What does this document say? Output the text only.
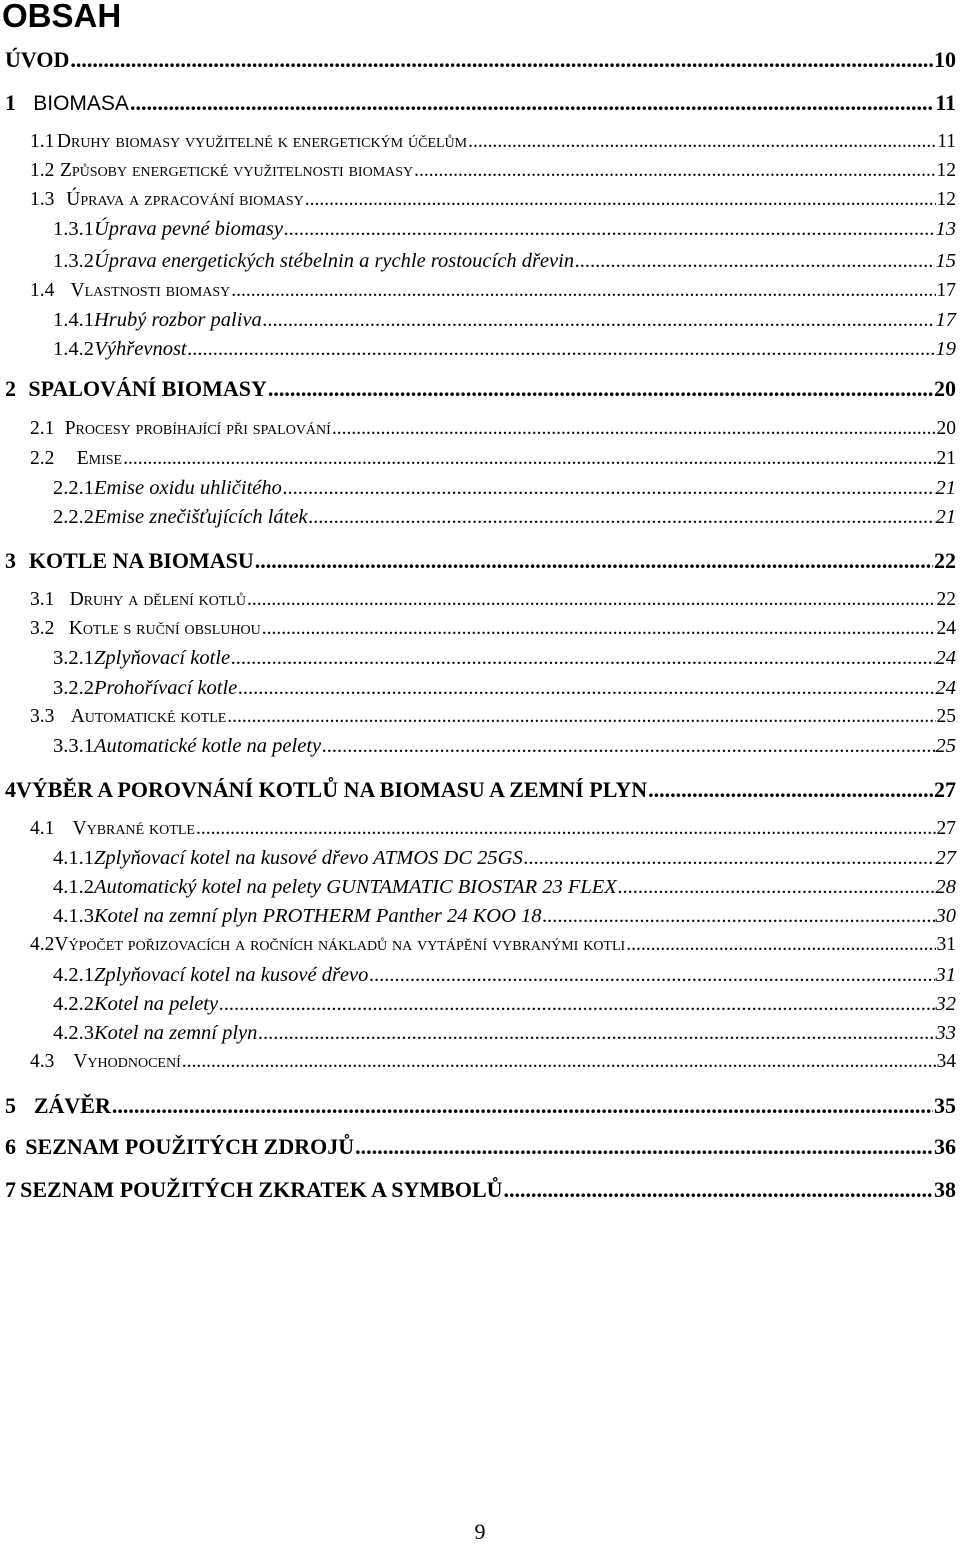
OBSAH
ÚVOD .....	10
1 BIOMASA .....	11
1.1 Druhy biomasy využitelné k energetickým účelům .....	11
1.2 Způsoby energetické využitelnosti biomasy .....	12
1.3 Úprava a zpracování biomasy .....	12
1.3.1 Úprava pevné biomasy .....	13
1.3.2 Úprava energetických stébelnin a rychle rostoucích dřevin .....	15
1.4 Vlastnosti biomasy .....	17
1.4.1 Hrubý rozbor paliva .....	17
1.4.2 Výhřevnost .....	19
2 SPALOVÁNÍ BIOMASY .....	20
2.1 Procesy probíhající při spalování .....	20
2.2	Emise .....	21
2.2.1 Emise oxidu uhličitého .....	21
2.2.2 Emise znečišťujících látek .....	21
3 KOTLE NA BIOMASU .....	22
3.1 Druhy a dělení kotlů .....	22
3.2 Kotle s ruční obsluhou .....	24
3.2.1 Zplyňovací kotle .....	24
3.2.2 Prohořívací kotle .....	24
3.3 Automatické kotle .....	25
3.3.1 Automatické kotle na pelety .....	25
4 VÝBĚR A POROVNÁNÍ KOTLŮ NA BIOMASU A ZEMNÍ PLYN .....	27
4.1 Vybrané kotle .....	27
4.1.1 Zplyňovací kotel na kusové dřevo ATMOS DC 25GS .....	27
4.1.2 Automatický kotel na pelety GUNTAMATIC BIOSTAR 23 FLEX .....	28
4.1.3 Kotel na zemní plyn PROTHERM Panther 24 KOO 18 .....	30
4.2 Výpočet pořizovacích a ročních nákladů na vytápění vybranými kotli .....	31
4.2.1 Zplyňovací kotel na kusové dřevo .....	31
4.2.2 Kotel na pelety .....	32
4.2.3 Kotel na zemní plyn .....	33
4.3 Vyhodnocení .....	34
5 ZÁVĚR .....	35
6 SEZNAM POUŽITÝCH ZDROJŮ .....	36
7 SEZNAM POUŽITÝCH ZKRATEK A SYMBOLŮ .....	38
9
